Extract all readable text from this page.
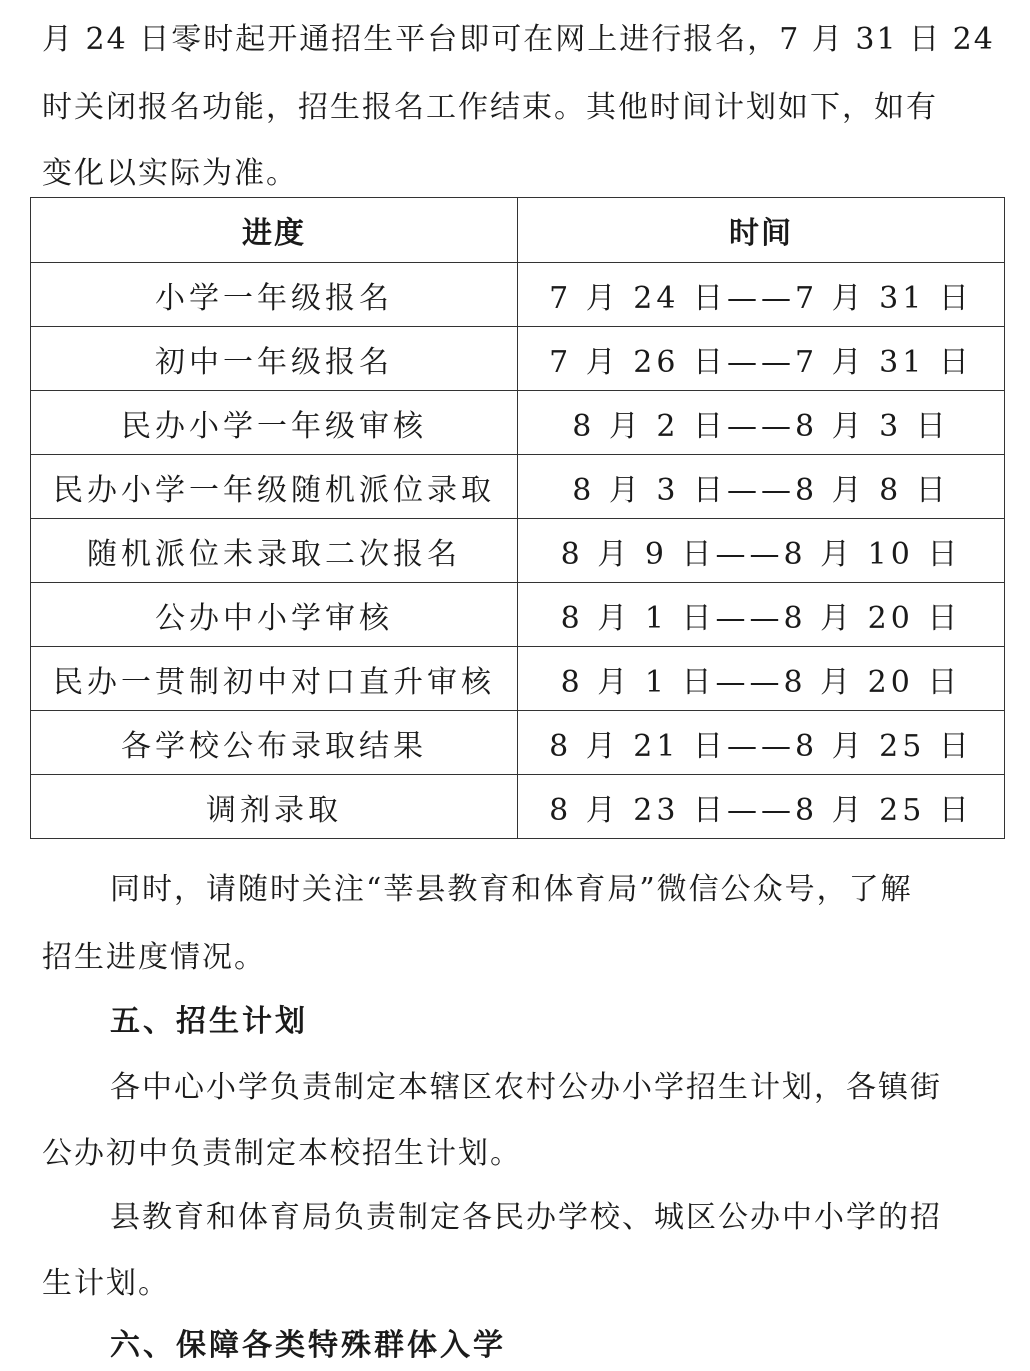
月 24 日零时起开通招生平台即可在网上进行报名，7 月 31 日 24

时关闭报名功能，招生报名工作结束。其他时间计划如下，如有

变化以实际为准。

进度	时间
小学一年级报名	7 月 24 日——7 月 31 日
初中一年级报名	7 月 26 日——7 月 31 日
民办小学一年级审核	8 月 2 日——8 月 3 日
民办小学一年级随机派位录取	8 月 3 日——8 月 8 日
随机派位未录取二次报名	8 月 9 日——8 月 10 日
公办中小学审核	8 月 1 日——8 月 20 日
民办一贯制初中对口直升审核	8 月 1 日——8 月 20 日
各学校公布录取结果	8 月 21 日——8 月 25 日
调剂录取	8 月 23 日——8 月 25 日

同时，请随时关注“莘县教育和体育局”微信公众号，了解

招生进度情况。

五、招生计划

各中心小学负责制定本辖区农村公办小学招生计划，各镇街

公办初中负责制定本校招生计划。

县教育和体育局负责制定各民办学校、城区公办中小学的招

生计划。

六、保障各类特殊群体入学
